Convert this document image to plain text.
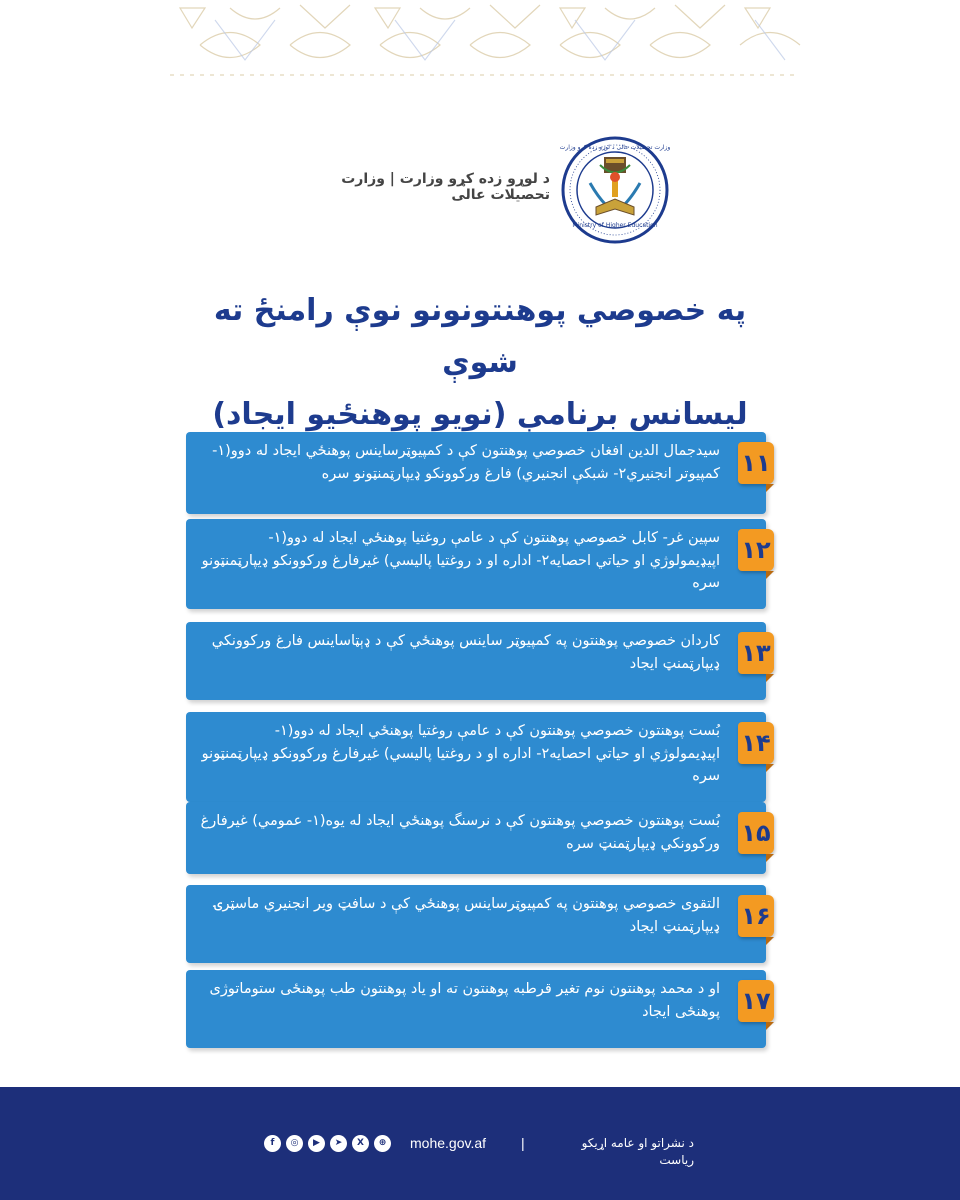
Ministry of Higher Education
وزارت تحصیلات عالی د لوړو زده کړو وزارت
د لوړو زده کړو وزارت | وزارت تحصیلات عالی
په خصوصي پوهنتونونو نوې رامنځ ته شوې
لیسانس برنامې (نویو پوهنځیو ایجاد)
سیدجمال الدین افغان خصوصي پوهنتون کې د کمپیوټرساینس پوهنځي ایجاد له دوو(۱- کمپیوتر انجنیري۲- شبکې انجنیري) فارغ ورکوونکو ډیپارټمنټونو سره ۱۱
سپین غر- کابل خصوصي پوهنتون کې د عامې روغتیا پوهنځي ایجاد له دوو(۱- اپیډیمولوژي او حیاتي احصایه۲- اداره او د روغتیا پالیسي) غیرفارغ ورکوونکو ډیپارټمنټونو سره
۱۲
کاردان خصوصي پوهنتون په کمپیوټر ساینس پوهنځي کې د ډېټاساینس فارغ ورکوونکي ډیپارټمنټ ایجاد ۱۳
بُست پوهنتون خصوصي پوهنتون کې د عامې روغتیا پوهنځي ایجاد له دوو(۱- اپیډیمولوژي او حیاتي احصایه۲- اداره او د روغتیا پالیسي) غیرفارغ ورکوونکو ډیپارټمنټونو سره
۱۴
بُست پوهنتون خصوصي پوهنتون کې د نرسنگ پوهنځي ایجاد له یوه(۱- عمومي) غیرفارغ ورکوونکي ډیپارټمنټ سره ۱۵
التقوی خصوصي پوهنتون په کمپیوټرساینس پوهنځي کې د سافټ ویر انجنیري ماسټرۍ ډیپارټمنټ ایجاد ۱۶
او د محمد پوهنتون نوم تغیر قرطبه پوهنتون ته او یاد پوهنتون طب پوهنځی ستوماتوژی پوهنځی ایجاد ۱۷
f	◎	▶	➤	X	⊕	mohe.gov.af |	د نشراتو او عامه اړیکو ریاست
